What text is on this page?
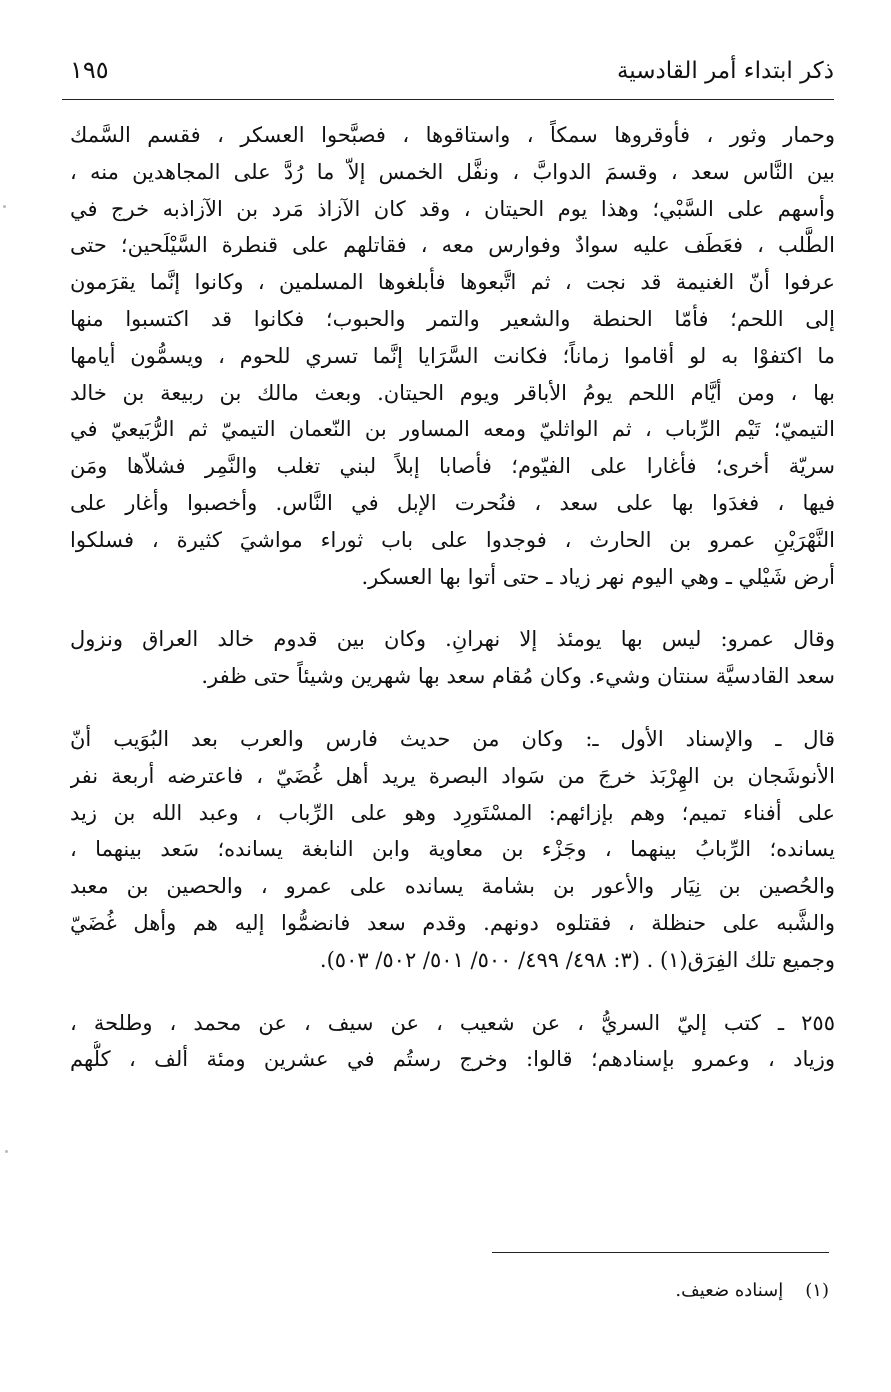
ذكر ابتداء أمر القادسية
١٩٥
وحمار وثور ، فأوقروها سمكاً ، واستاقوها ، فصبَّحوا العسكر ، فقسم السَّمك
بين النَّاس سعد ، وقسمَ الدوابَّ ، ونفَّل الخمس إلاّ ما رُدَّ على المجاهدين منه ،
وأسهم على السَّبْي؛ وهذا يوم الحيتان ، وقد كان الآزاذ مَرد بن الآزاذبه خرج في
الطَّلب ، فعَطَف عليه سوادٌ وفوارس معه ، فقاتلهم على قنطرة السَّيْلَحين؛ حتى
عرفوا أنّ الغنيمة قد نجت ، ثم اتَّبعوها فأبلغوها المسلمين ، وكانوا إنَّما يقرَمون
إلى اللحم؛ فأمّا الحنطة والشعير والتمر والحبوب؛ فكانوا قد اكتسبوا منها
ما اكتفوْا به لو أقاموا زماناً؛ فكانت السَّرَايا إنَّما تسري للحوم ، ويسمُّون أيامها
بها ، ومن أيَّام اللحم يومُ الأباقر ويوم الحيتان. وبعث مالك بن ربيعة بن خالد
التيميّ؛ تَيْم الرِّباب ، ثم الواثليّ ومعه المساور بن النّعمان التيميّ ثم الرُّبَيعيّ في
سريّة أخرى؛ فأغارا على الفيّوم؛ فأصابا إبلاً لبني تغلب والنَّمِر فشلاّها ومَن
فيها ، فغدَوا بها على سعد ، فنُحرت الإبل في النَّاس. وأخصبوا وأغار على
النَّهْرَيْنِ عمرو بن الحارث ، فوجدوا على باب ثوراء مواشيَ كثيرة ، فسلكوا
أرض شَيْلي ـ وهي اليوم نهر زياد ـ حتى أتوا بها العسكر.
وقال عمرو: ليس بها يومئذ إلا نهرانِ. وكان بين قدوم خالد العراق ونزول
سعد القادسيَّة سنتان وشيء. وكان مُقام سعد بها شهرين وشيئاً حتى ظفر.
قال ـ والإسناد الأول ـ: وكان من حديث فارس والعرب بعد البُوَيب أنّ
الأنوشَجان بن الهِرْبَذ خرجَ من سَواد البصرة يريد أهل غُضَيّ ، فاعترضه أربعة نفر
على أفناء تميم؛ وهم بإزائهم: المسْتَورِد وهو على الرِّباب ، وعبد الله بن زيد
يسانده؛ الرِّبابُ بينهما ، وجَزْء بن معاوية وابن النابغة يسانده؛ سَعد بينهما ،
والحُصين بن نِيَار والأعور بن بشامة يسانده على عمرو ، والحصين بن معبد
والشَّبه على حنظلة ، فقتلوه دونهم. وقدم سعد فانضمُّوا إليه هم وأهل غُضَيّ
وجميع تلك الفِرَق(١) . (٣: ٤٩٨/ ٤٩٩/ ٥٠٠/ ٥٠١/ ٥٠٢/ ٥٠٣).
٢٥٥ ـ كتب إليّ السريُّ ، عن شعيب ، عن سيف ، عن محمد ، وطلحة ،
وزياد ، وعمرو بإسنادهم؛ قالوا: وخرج رستُم في عشرين ومئة ألف ، كلُّهم
(١)إسناده ضعيف.
